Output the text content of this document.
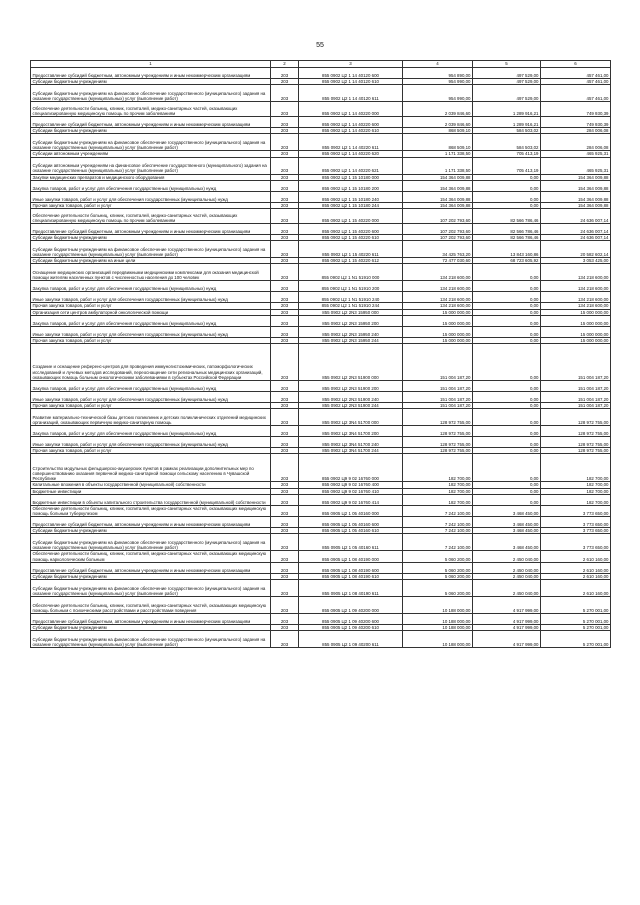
55
1	2	3	4	5	6
Предоставление субсидий бюджетным, автономным учреждениям и иным некоммерческим организациям	203	855 0902 Ц2 1 14 40120 600	954 890,00	497 529,00	457 461,00
Субсидии бюджетным учреждениям	203	855 0902 Ц2 1 14 40120 610	954 990,00	497 529,00	457 461,00
Субсидии бюджетным учреждениям на финансовое обеспечение государственного (муниципального) задания на оказание государственных (муниципальных) услуг (выполнение работ)	203	855 0902 Ц2 1 14 40120 611	954 990,00	497 529,00	457 461,00
Обеспечение деятельности больниц, клиник, госпиталей, медико-санитарных частей, оказывающих специализированную медицинскую помощь по прочим заболеваниям	203	855 0902 Ц2 1 14 40220 000	2 039 846,60	1 289 916,21	749 930,39
Предоставление субсидий бюджетным, автономным учреждениям и иным некоммерческим организациям	203	855 0902 Ц2 1 14 40220 600	2 039 846,60	1 289 916,21	749 930,39
Субсидии бюджетным учреждениям	203	855 0902 Ц2 1 14 40220 610	868 509,10	584 503,02	284 006,08
Субсидии бюджетным учреждениям на финансовое обеспечение государственного (муниципального) задания на оказание государственных (муниципальных) услуг (выполнение работ)	203	855 0902 Ц2 1 14 40220 611	868 509,10	584 503,02	284 006,08
Субсидии автономным учреждениям	203	855 0902 Ц2 1 14 40220 620	1 171 338,50	705 413,19	465 925,31
Субсидии автономным учреждениям на финансовое обеспечение государственного (муниципального) задания на оказание государственных (муниципальных) услуг (выполнение работ)	203	855 0902 Ц2 1 14 40220 621	1 171 338,50	705 413,19	465 925,31
Закупки медицинских препаратов и медицинского оборудования	203	855 0902 Ц2 1 15 10180 000	154 364 009,88	0,00	154 364 009,88
Закупка товаров, работ и услуг для обеспечения государственных (муниципальных) нужд	203	855 0902 Ц2 1 15 10180 200	154 364 009,88	0,00	154 364 009,88
Иные закупки товаров, работ и услуг для обеспечения государственных (муниципальных) нужд	203	855 0902 Ц2 1 15 10180 240	154 364 009,88	0,00	154 364 009,88
Прочая закупка товаров, работ и услуг	203	855 0902 Ц2 1 15 10180 244	154 364 009,88	0,00	154 364 009,88
Обеспечение деятельности больниц, клиник, госпиталей, медико-санитарных частей, оказывающих специализированную медицинскую помощь по прочим заболеваниям	203	855 0902 Ц2 1 15 40220 000	107 202 793,60	82 566 786,46	24 636 007,14
Предоставление субсидий бюджетным, автономным учреждениям и иным некоммерческим организациям	203	855 0902 Ц2 1 15 40220 600	107 202 793,60	82 566 786,46	24 636 007,14
Субсидии бюджетным учреждениям	203	855 0902 Ц2 1 15 40220 610	107 202 793,60	82 566 786,46	24 636 007,14
Субсидии бюджетным учреждениям на финансовое обеспечение государственного (муниципального) задания на оказание государственных (муниципальных) услуг (выполнение работ)	203	855 0902 Ц2 1 15 40220 611	34 425 763,20	13 843 160,86	20 582 602,14
Субсидии бюджетным учреждениям на иные цели	203	855 0902 Ц2 1 15 40220 612	72 477 030,60	68 723 605,92	3 053 425,00
Оснащение медицинских организаций передвижными медицинскими комплексами для оказания медицинской помощи жителям населенных пунктов с численностью населения до 100 человек	203	855 0902 Ц2 1 N1 51910 000	134 218 600,00	0,00	134 218 600,00
Закупка товаров, работ и услуг для обеспечения государственных (муниципальных) нужд	203	855 0902 Ц2 1 N1 51910 200	134 218 600,00	0,00	134 218 600,00
Иные закупки товаров, работ и услуг для обеспечения государственных (муниципальных) нужд	203	855 0902 Ц2 1 N1 51910 240	134 218 600,00	0,00	134 218 600,00
Прочая закупка товаров, работ и услуг	203	855 0902 Ц2 1 N1 51910 244	134 218 600,00	0,00	134 218 600,00
Организация сети центров амбулаторной онкологической помощи	203	855 0902 Ц2 2N3 15950 000	15 000 000,00	0,00	15 000 000,00
Закупка товаров, работ и услуг для обеспечения государственных (муниципальных) нужд	203	855 0902 Ц2 2N3 15950 200	15 000 000,00	0,00	15 000 000,00
Иные закупки товаров, работ и услуг для обеспечения государственных (муниципальных) нужд	203	855 0902 Ц2 2N3 15950 240	15 000 000,00	0,00	15 000 000,00
Прочая закупка товаров, работ и услуг	203	855 0902 Ц2 2N3 15950 244	15 000 000,00	0,00	15 000 000,00
Создание и оснащение референс-центров для проведения иммуногистохимических, патоморфологических исследований и лучевых методов исследований, переоснащение сети региональных медицинских организаций, оказывающих помощь больным онкологическими заболеваниями в субъектах Российской Федерации	203	855 0902 Ц2 2N3 51900 000	151 004 187,20	0,00	151 004 187,20
Закупка товаров, работ и услуг для обеспечения государственных (муниципальных) нужд	203	855 0902 Ц2 2N3 51900 200	151 004 187,20	0,00	151 004 187,20
Иные закупки товаров, работ и услуг для обеспечения государственных (муниципальных) нужд	203	855 0902 Ц2 2N3 51900 240	151 004 187,20	0,00	151 004 187,20
Прочая закупка товаров, работ и услуг	203	855 0902 Ц2 2N3 51900 244	151 004 187,20	0,00	151 004 187,20
Развитие материально-технической базы детских поликлиник и детских поликлинических отделений медицинских организаций, оказывающих первичную медико-санитарную помощь	203	855 0902 Ц2 3N4 51700 000	128 972 755,00	0,00	128 972 755,00
Закупка товаров, работ и услуг для обеспечения государственных (муниципальных) нужд	203	855 0902 Ц2 3N4 51700 200	128 972 755,00	0,00	128 972 755,00
Иные закупки товаров, работ и услуг для обеспечения государственных (муниципальных) нужд	203	855 0902 Ц2 3N4 51700 240	128 972 755,00	0,00	128 972 755,00
Прочая закупка товаров, работ и услуг	203	855 0902 Ц2 3N4 51700 244	128 972 755,00	0,00	128 972 755,00
Строительство модульных фельдшерско-акушерских пунктов в рамках реализации дополнительных мер по совершенствованию оказания первичной медико-санитарной помощи сельскому населению в Чувашской Республике	203	855 0902 Ц9 9 02 16760 000	182 700,00	0,00	182 700,00
Капитальные вложения в объекты государственной (муниципальной) собственности	203	855 0902 Ц9 9 02 16760 400	182 700,00	0,00	182 700,00
Бюджетные инвестиции	203	855 0902 Ц9 9 02 16760 410	182 700,00	0,00	182 700,00
Бюджетные инвестиции в объекты капитального строительства государственной (муниципальной) собственности	203	855 0902 Ц9 9 02 16760 414	182 700,00	0,00	182 700,00
Обеспечение деятельности больниц, клиник, госпиталей, медико-санитарных частей, оказывающих медицинскую помощь больным туберкулезом	203	855 0905 Ц2 1 05 40160 000	7 242 100,00	3 468 450,00	3 773 650,00
Предоставление субсидий бюджетным, автономным учреждениям и иным некоммерческим организациям	203	855 0905 Ц2 1 05 40160 600	7 242 100,00	3 468 450,00	3 773 650,00
Субсидии бюджетным учреждениям	203	855 0905 Ц2 1 05 40160 610	7 242 100,00	3 468 450,00	3 773 650,00
Субсидии бюджетным учреждениям на финансовое обеспечение государственного (муниципального) задания на оказание государственных (муниципальных) услуг (выполнение работ)	203	855 0905 Ц2 1 05 40160 611	7 242 100,00	3 468 450,00	3 773 650,00
Обеспечение деятельности больниц, клиник, госпиталей, медико-санитарных частей, оказывающих медицинскую помощь наркологическим больным	203	855 0905 Ц2 1 08 40190 000	5 060 200,00	2 450 040,00	2 610 160,00
Предоставление субсидий бюджетным, автономным учреждениям и иным некоммерческим организациям	203	855 0905 Ц2 1 08 40190 600	5 060 200,00	2 450 040,00	2 610 160,00
Субсидии бюджетным учреждениям	203	855 0905 Ц2 1 08 40190 610	5 060 200,00	2 450 040,00	2 610 160,00
Субсидии бюджетным учреждениям на финансовое обеспечение государственного (муниципального) задания на оказание государственных (муниципальных) услуг (выполнение работ)	203	855 0905 Ц2 1 08 40190 611	5 060 200,00	2 450 040,00	2 610 160,00
Обеспечение деятельности больниц, клиник, госпиталей, медико-санитарных частей, оказывающих медицинскую помощь больным с психическими расстройствами и расстройствами поведения	203	855 0905 Ц2 1 09 40200 000	10 188 000,00	4 917 999,00	5 270 001,00
Предоставление субсидий бюджетным, автономным учреждениям и иным некоммерческим организациям	203	855 0905 Ц2 1 09 40200 600	10 188 000,00	4 917 999,00	5 270 001,00
Субсидии бюджетным учреждениям	203	855 0905 Ц2 1 09 40200 610	10 188 000,00	4 917 999,00	5 270 001,00
Субсидии бюджетным учреждениям на финансовое обеспечение государственного (муниципального) задания на оказание государственных (муниципальных) услуг (выполнение работ)	203	855 0905 Ц2 1 09 40200 611	10 188 000,00	4 917 999,00	5 270 001,00
